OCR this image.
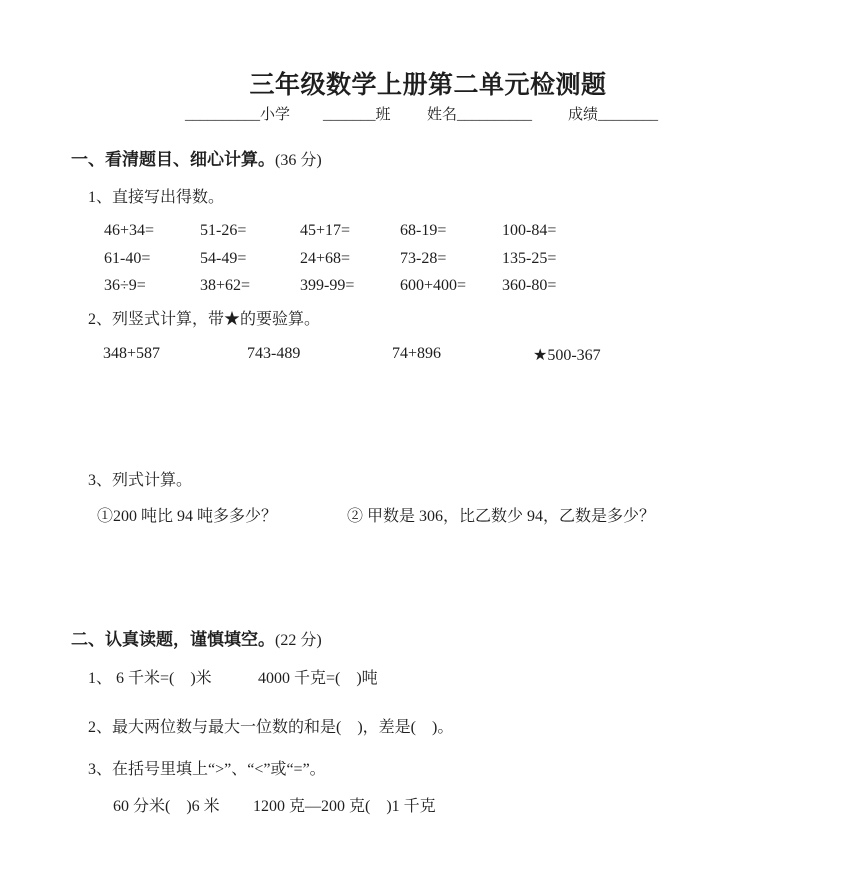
三年级数学上册第二单元检测题
__________小学 _______班 姓名__________ 成绩________
一、看清题目、细心计算。(36 分)
1、直接写出得数。
46+34=	51-26=	45+17=	68-19=	100-84=
61-40=	54-49=	24+68=	73-28=	135-25=
36÷9=	38+62=	399-99=	600+400=	360-80=
2、列竖式计算，带★的要验算。
348+587	743-489	74+896	★500-367
3、列式计算。
①200 吨比 94 吨多多少？	② 甲数是 306，比乙数少 94，乙数是多少？
二、认真读题，谨慎填空。(22 分)
1、 6 千米=(　)米	4000 千克=(　)吨
2、最大两位数与最大一位数的和是(　)，差是(　)。
3、在括号里填上“>”、“<”或“=”。
60 分米(　)6 米 1200 克—200 克(　)1 千克
